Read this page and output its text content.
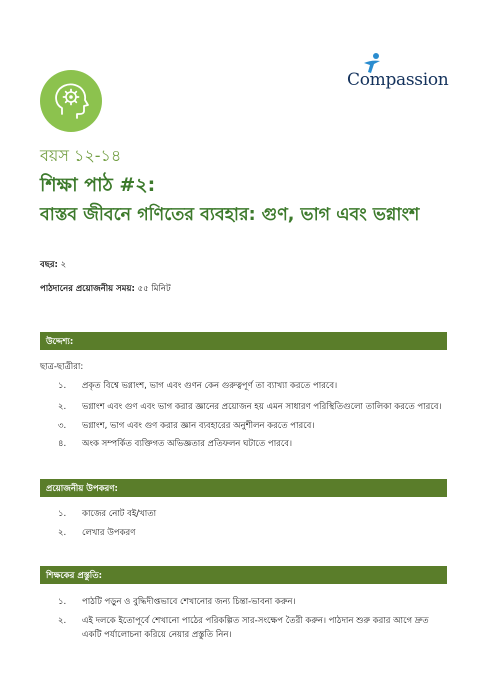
Compassion
বয়স ১২-১৪
শিক্ষা পাঠ #২:
বাস্তব জীবনে গণিতের ব্যবহার: গুণ, ভাগ এবং ভগ্নাংশ
বছর: ২
পাঠদানের প্রয়োজনীয় সময়: ৫৫ মিনিট
উদ্দেশ্য:
ছাত্র-ছাত্রীরা:
১. প্রকৃত বিশ্বে ভগ্নাংশ, ভাগ এবং গুণন কেন গুরুত্বপূর্ণ তা ব্যাখ্যা করতে পারবে।
২. ভগ্নাংশ এবং গুণ এবং ভাগ করার জ্ঞানের প্রয়োজন হয় এমন সাধারণ পরিস্থিতিগুলো তালিকা করতে পারবে।
৩. ভগ্নাংশ, ভাগ এবং গুণ করার জ্ঞান ব্যবহারের অনুশীলন করতে পারবে।
৪. অংক সম্পর্কিত ব্যক্তিগত অভিজ্ঞতার প্রতিফলন ঘটাতে পারবে।
প্রয়োজনীয় উপকরণ:
১. কাজের নোট বই/খাতা
২. লেখার উপকরণ
শিক্ষকের প্রস্তুতি:
১. পাঠটি পড়ুন ও বুদ্ধিদীপ্তভাবে শেখানোর জন্য চিন্তা-ভাবনা করুন।
২. এই দলকে ইতোপূর্বে শেখানো পাঠের পরিকল্পিত সার-সংক্ষেপ তৈরী করুন। পাঠদান শুরু করার আগে দ্রুত একটি পর্যালোচনা করিয়ে নেয়ার প্রস্তুতি নিন।
